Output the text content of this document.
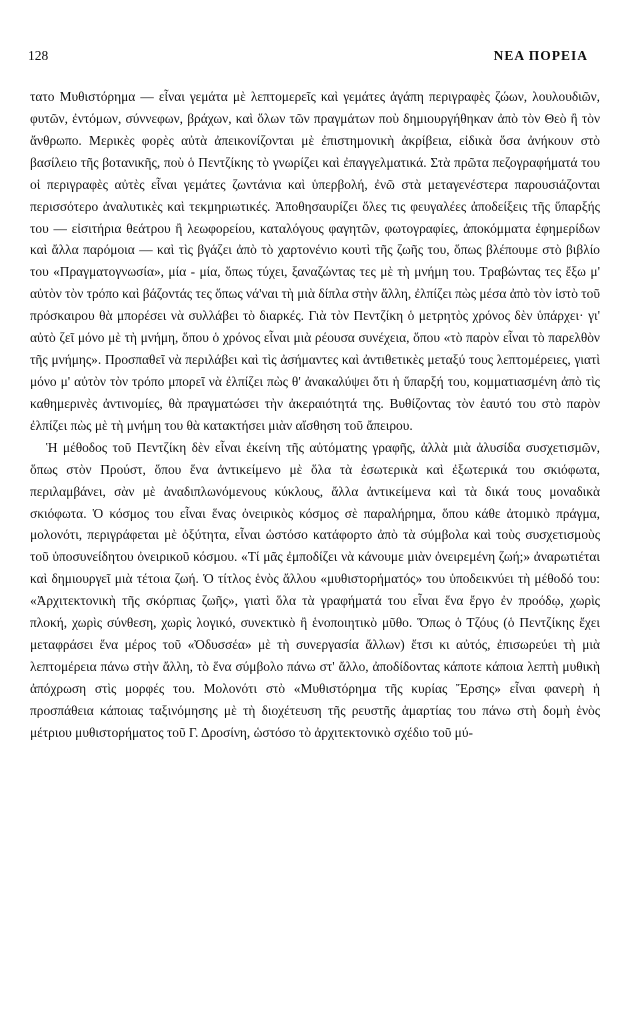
128	ΝΕΑ ΠΟΡΕΙΑ

τατο Μυθιστόρημα — εἶναι γεμάτα μὲ λεπτομερεῖς καὶ γεμάτες ἀγάπη περιγραφὲς ζώων, λουλουδιῶν, φυτῶν, ἐντόμων, σύννεφων, βράχων, καὶ ὅλων τῶν πραγμάτων ποὺ δημιουργήθηκαν ἀπὸ τὸν Θεὸ ἢ τὸν ἄνθρωπο. Μερικὲς φορὲς αὐτὰ ἀπεικονίζονται μὲ ἐπιστημονικὴ ἀκρίβεια, εἰδικὰ ὅσα ἀνήκουν στὸ βασίλειο τῆς βοτανικῆς, ποὺ ὁ Πεντζίκης τὸ γνωρίζει καὶ ἐπαγγελματικά. Στὰ πρῶτα πεζογραφήματά του οἱ περιγραφὲς αὐτὲς εἶναι γεμάτες ζωντάνια καὶ ὑπερβολή, ἐνῶ στὰ μεταγενέστερα παρουσιάζονται περισσότερο ἀναλυτικὲς καὶ τεκμηριωτικές. Ἀποθησαυρίζει ὅλες τις φευγαλέες ἀποδείξεις τῆς ὕπαρξής του — εἰσιτήρια θεάτρου ἢ λεωφορείου, καταλόγους φαγητῶν, φωτογραφίες, ἀποκόμματα ἐφημερίδων καὶ ἄλλα παρόμοια — καὶ τὶς βγάζει ἀπὸ τὸ χαρτονένιο κουτὶ τῆς ζωῆς του, ὅπως βλέπουμε στὸ βιβλίο του «Πραγματογνωσία», μία - μία, ὅπως τύχει, ξαναζώντας τες μὲ τὴ μνήμη του. Τραβώντας τες ἔξω μ' αὐτὸν τὸν τρόπο καὶ βάζοντάς τες ὅπως νά'ναι τὴ μιὰ δίπλα στὴν ἄλλη, ἐλπίζει πὼς μέσα ἀπὸ τὸν ἱστὸ τοῦ πρόσκαιρου θὰ μπορέσει νὰ συλλάβει τὸ διαρκές. Γιὰ τὸν Πεντζίκη ὁ μετρητὸς χρόνος δὲν ὑπάρχει· γι' αὐτὸ ζεῖ μόνο μὲ τὴ μνήμη, ὅπου ὁ χρόνος εἶναι μιὰ ρέουσα συνέχεια, ὅπου «τὸ παρὸν εἶναι τὸ παρελθὸν τῆς μνήμης». Προσπαθεῖ νὰ περιλάβει καὶ τὶς ἀσήμαντες καὶ ἀντιθετικὲς μεταξύ τους λεπτομέρειες, γιατὶ μόνο μ' αὐτὸν τὸν τρόπο μπορεῖ νὰ ἐλπίζει πὼς θ' ἀνακαλύψει ὅτι ἡ ὕπαρξή του, κομματιασμένη ἀπὸ τὶς καθημερινὲς ἀντινομίες, θὰ πραγματώσει τὴν ἀκεραιότητά της. Βυθίζοντας τὸν ἑαυτό του στὸ παρὸν ἐλπίζει πὼς μὲ τὴ μνήμη του θὰ κατακτήσει μιὰν αἴσθηση τοῦ ἄπειρου.

Ἡ μέθοδος τοῦ Πεντζίκη δὲν εἶναι ἐκείνη τῆς αὐτόματης γραφῆς, ἀλλὰ μιὰ ἀλυσίδα συσχετισμῶν, ὅπως στὸν Προύστ, ὅπου ἕνα ἀντικείμενο μὲ ὅλα τὰ ἐσωτερικὰ καὶ ἐξωτερικά του σκιόφωτα, περιλαμβάνει, σὰν μὲ ἀναδιπλωνόμενους κύκλους, ἄλλα ἀντικείμενα καὶ τὰ δικά τους μοναδικὰ σκιόφωτα. Ὁ κόσμος του εἶναι ἕνας ὀνειρικὸς κόσμος σὲ παραλήρημα, ὅπου κάθε ἀτομικὸ πράγμα, μολονότι, περιγράφεται μὲ ὀξύτητα, εἶναι ὡστόσο κατάφορτο ἀπὸ τὰ σύμβολα καὶ τοὺς συσχετισμοὺς τοῦ ὑποσυνείδητου ὀνειρικοῦ κόσμου. «Τί μᾶς ἐμποδίζει νὰ κάνουμε μιὰν ὀνειρεμένη ζωή;» ἀναρωτιέται καὶ δημιουργεῖ μιὰ τέτοια ζωή. Ὁ τίτλος ἑνὸς ἄλλου «μυθιστορήματός» του ὑποδεικνύει τὴ μέθοδό του: «Ἀρχιτεκτονικὴ τῆς σκόρπιας ζωῆς», γιατὶ ὅλα τὰ γραφήματά του εἶναι ἕνα ἔργο ἐν προόδῳ, χωρὶς πλοκή, χωρὶς σύνθεση, χωρὶς λογικό, συνεκτικὸ ἢ ἑνοποιητικὸ μῦθο. Ὅπως ὁ Τζόυς (ὁ Πεντζίκης ἔχει μεταφράσει ἕνα μέρος τοῦ «Ὀδυσσέα» μὲ τὴ συνεργασία ἄλλων) ἔτσι κι αὐτός, ἐπισωρεύει τὴ μιὰ λεπτομέρεια πάνω στὴν ἄλλη, τὸ ἕνα σύμβολο πάνω στ' ἄλλο, ἀποδίδοντας κάποτε κάποια λεπτὴ μυθικὴ ἀπόχρωση στὶς μορφές του. Μολονότι στὸ «Μυθιστόρημα τῆς κυρίας Ἔρσης» εἶναι φανερὴ ἡ προσπάθεια κάποιας ταξινόμησης μὲ τὴ διοχέτευση τῆς ρευστῆς ἁμαρτίας του πάνω στὴ δομὴ ἑνὸς μέτριου μυθιστορήματος τοῦ Γ. Δροσίνη, ὡστόσο τὸ ἀρχιτεκτονικὸ σχέδιο τοῦ μύ-
